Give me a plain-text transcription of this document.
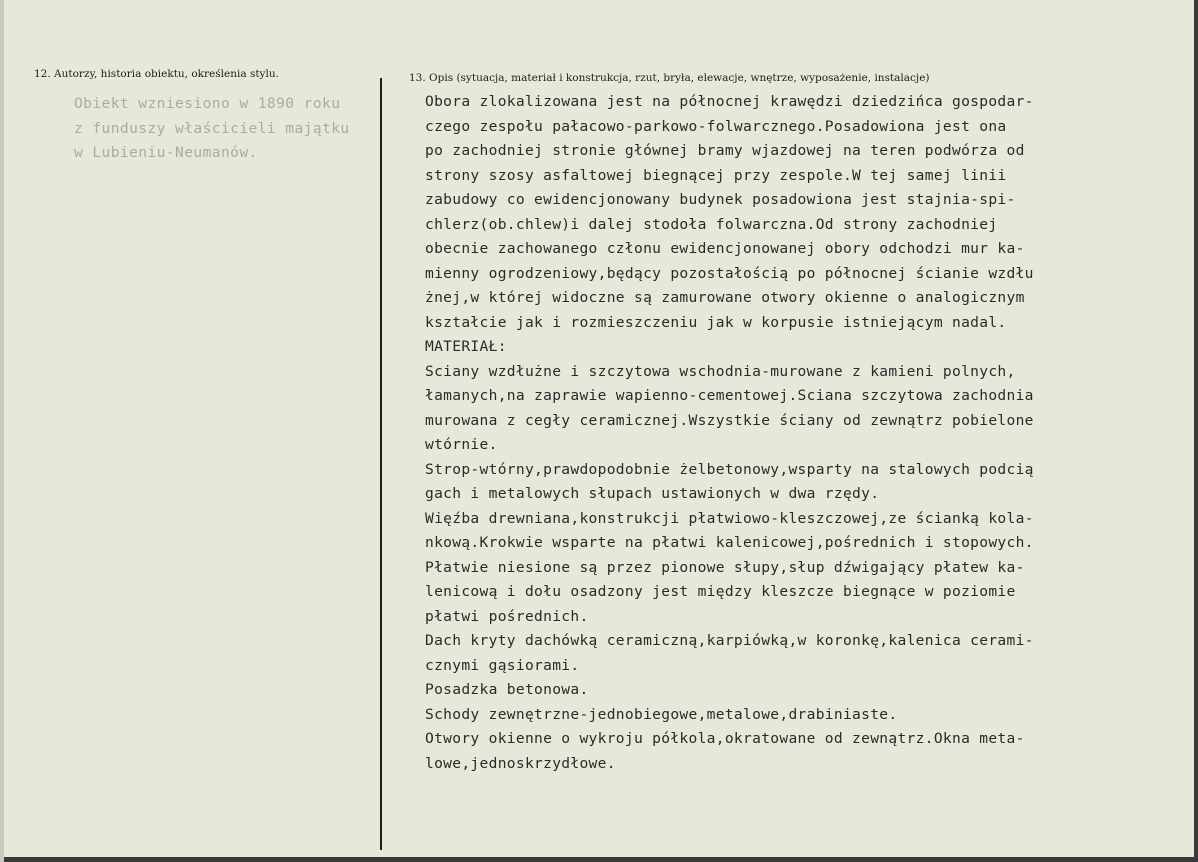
12. Autorzy, historia obiektu, określenia stylu.
Obiekt wzniesiono w 1890 roku
z funduszy właścicieli majątku
w Lubieniu-Neumanów.
13. Opis (sytuacja, materiał i konstrukcja, rzut, bryła, elewacje, wnętrze, wyposażenie, instalacje)
Obora zlokalizowana jest na północnej krawędzi dziedzińca gospodar-
czego zespołu pałacowo-parkowo-folwarcznego.Posadowiona jest ona
po zachodniej stronie głównej bramy wjazdowej na teren podwórza od
strony szosy asfaltowej biegnącej przy zespole.W tej samej linii
zabudowy co ewidencjonowany budynek posadowiona jest stajnia-spi-
chlerz(ob.chlew)i dalej stodoła folwarczna.Od strony zachodniej
obecnie zachowanego członu ewidencjonowanej obory odchodzi mur ka-
mienny ogrodzeniowy,będący pozostałością po północnej ścianie wzdłu
żnej,w której widoczne są zamurowane otwory okienne o analogicznym
kształcie jak i rozmieszczeniu jak w korpusie istniejącym nadal.
MATERIAŁ:
Sciany wzdłużne i szczytowa wschodnia-murowane z kamieni polnych,
łamanych,na zaprawie wapienno-cementowej.Sciana szczytowa zachodnia
murowana z cegły ceramicznej.Wszystkie ściany od zewnątrz pobielone
wtórnie.
Strop-wtórny,prawdopodobnie żelbetonowy,wsparty na stalowych podcią
gach i metalowych słupach ustawionych w dwa rzędy.
Więźba drewniana,konstrukcji płatwiowo-kleszczowej,ze ścianką kola-
nkową.Krokwie wsparte na płatwi kalenicowej,pośrednich i stopowych.
Płatwie niesione są przez pionowe słupy,słup dźwigający płatew ka-
lenicową i dołu osadzony jest między kleszcze biegnące w poziomie
płatwi pośrednich.
Dach kryty dachówką ceramiczną,karpiówką,w koronkę,kalenica cerami-
cznymi gąsiorami.
Posadzka betonowa.
Schody zewnętrzne-jednobiegowe,metalowe,drabiniaste.
Otwory okienne o wykroju półkola,okratowane od zewnątrz.Okna meta-
lowe,jednoskrzydłowe.
